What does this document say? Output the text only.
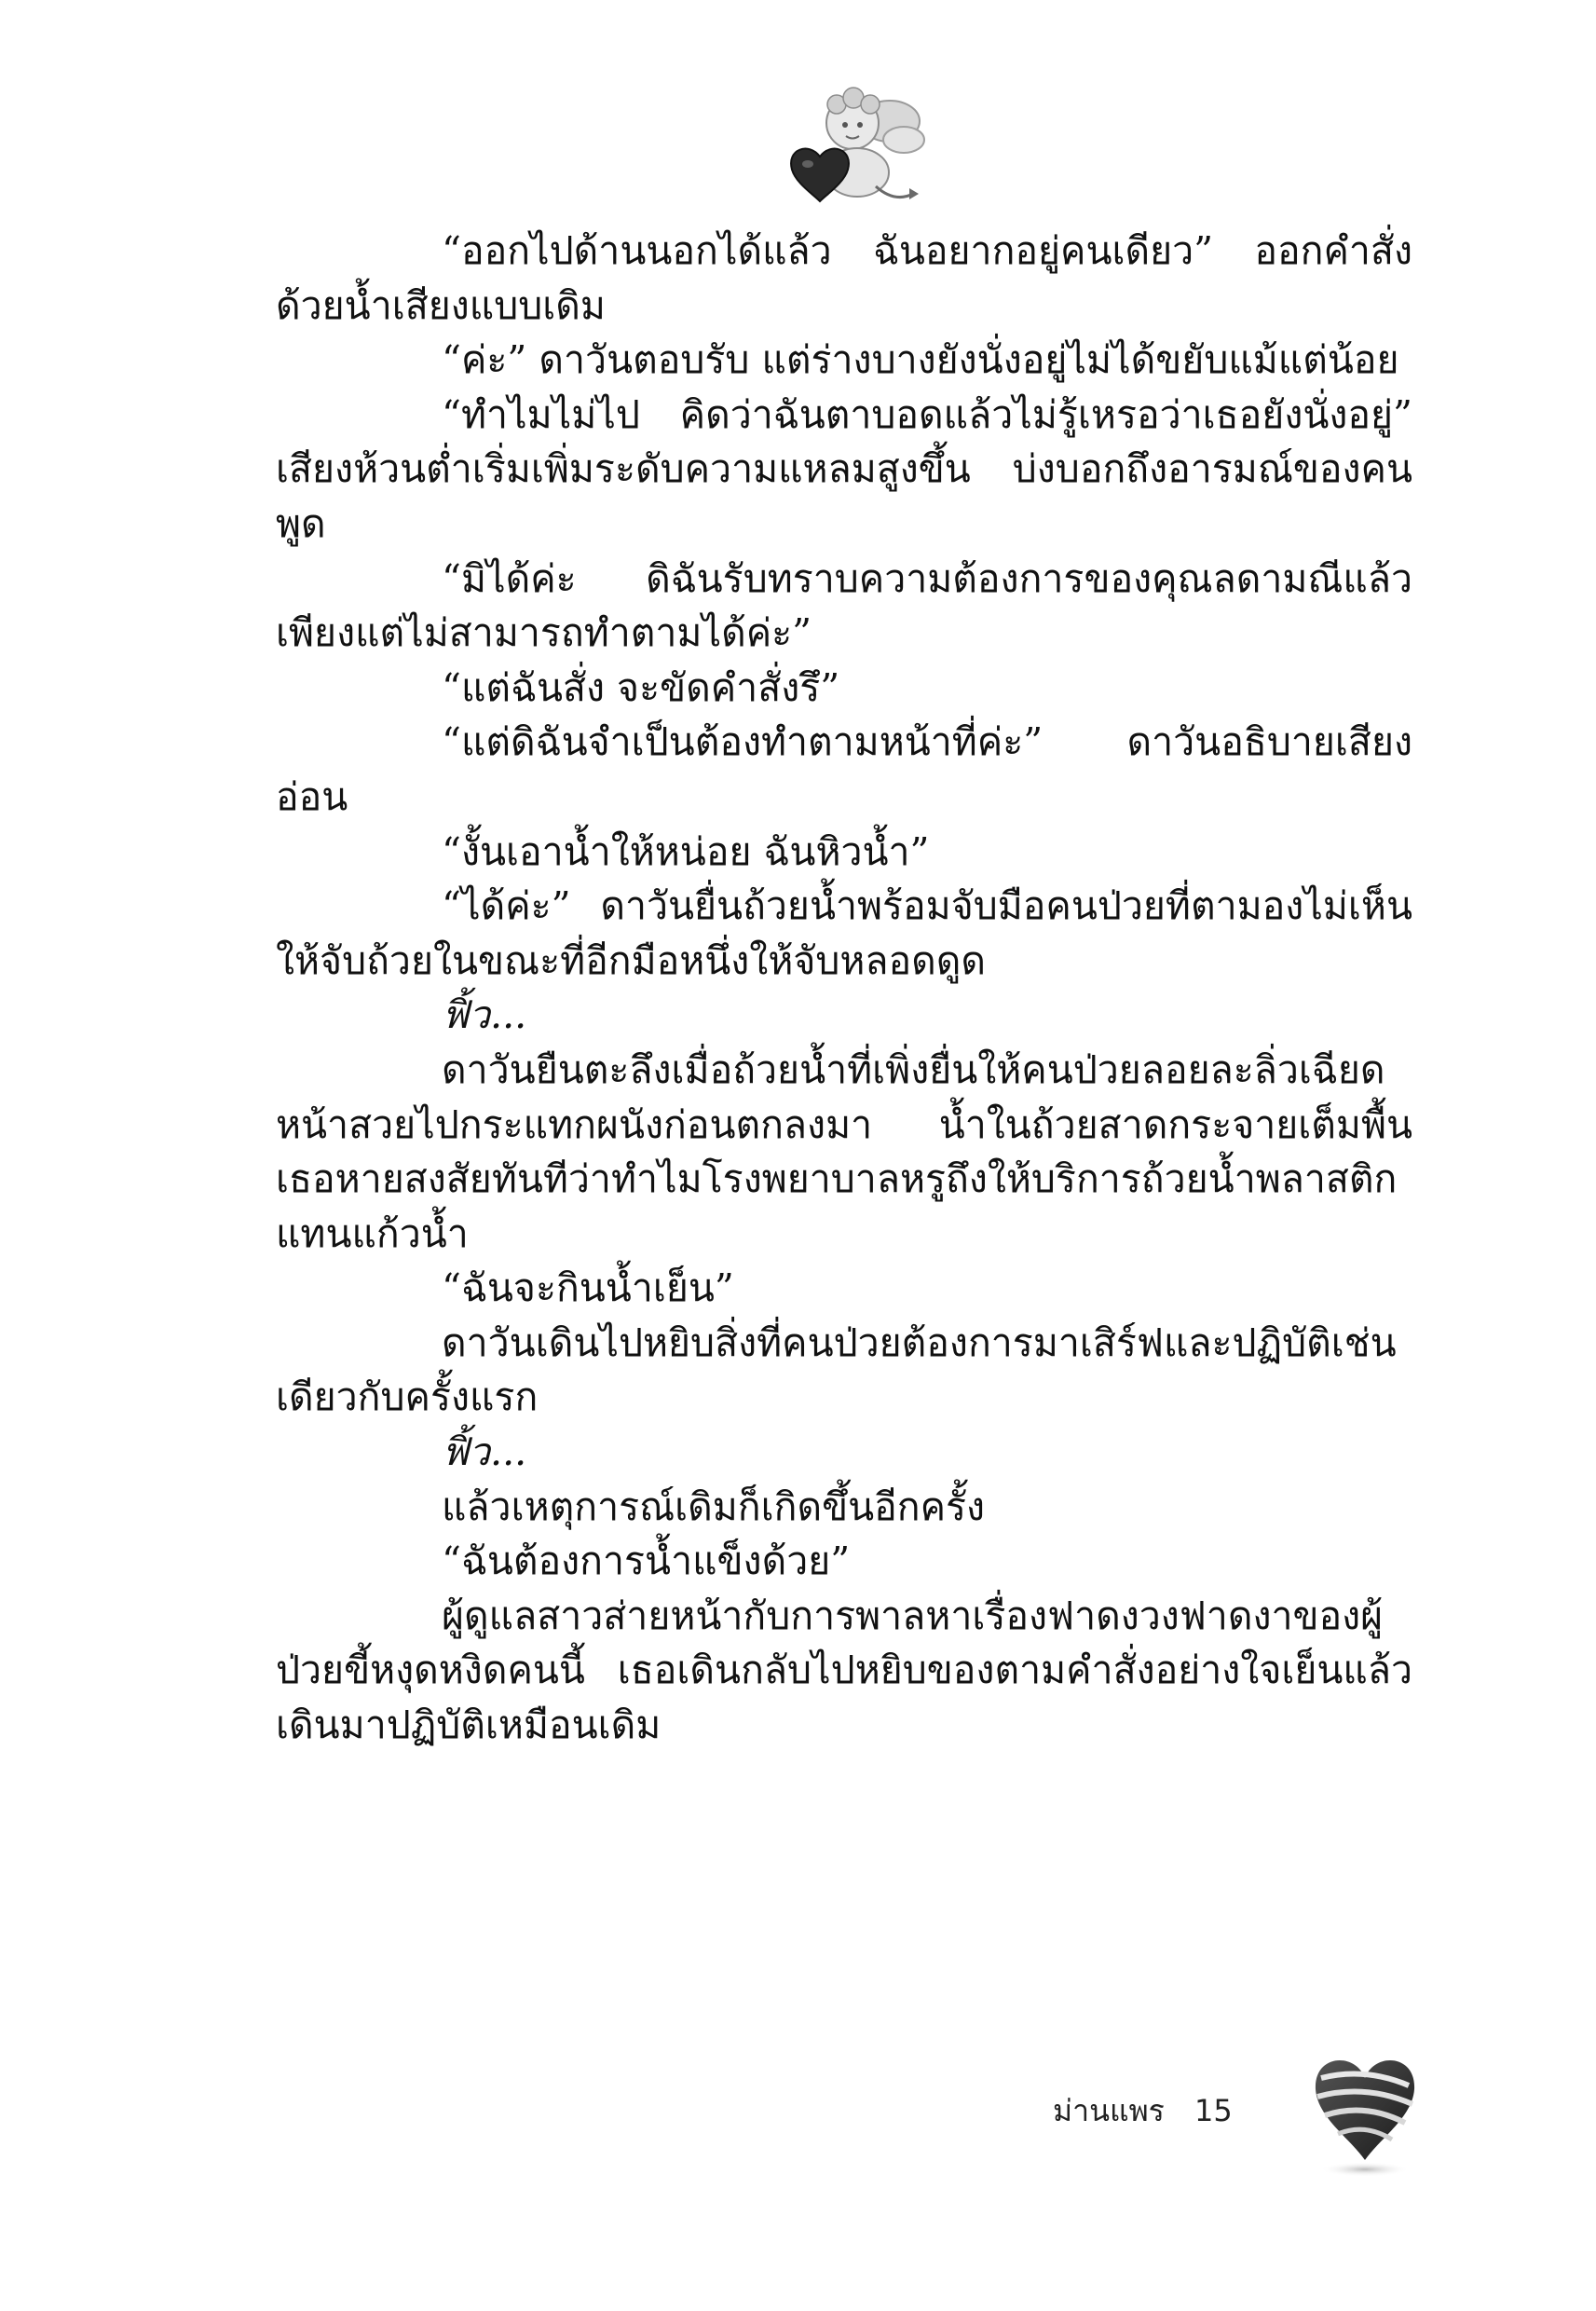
“ออกไปด้านนอกได้แล้ว ฉันอยากอยู่คนเดียว” ออกคำสั่งด้วยน้ำเสียงแบบเดิม

“ค่ะ” ดาวันตอบรับ แต่ร่างบางยังนั่งอยู่ไม่ได้ขยับแม้แต่น้อย

“ทำไมไม่ไป คิดว่าฉันตาบอดแล้วไม่รู้เหรอว่าเธอยังนั่งอยู่” เสียงห้วนต่ำเริ่มเพิ่มระดับความแหลมสูงขึ้น บ่งบอกถึงอารมณ์ของคนพูด

“มิได้ค่ะ ดิฉันรับทราบความต้องการของคุณลดามณีแล้ว เพียงแต่ไม่สามารถทำตามได้ค่ะ”

“แต่ฉันสั่ง จะขัดคำสั่งรึ”

“แต่ดิฉันจำเป็นต้องทำตามหน้าที่ค่ะ” ดาวันอธิบายเสียงอ่อน

“งั้นเอาน้ำให้หน่อย ฉันหิวน้ำ”

“ได้ค่ะ” ดาวันยื่นถ้วยน้ำพร้อมจับมือคนป่วยที่ตามองไม่เห็นให้จับถ้วยในขณะที่อีกมือหนึ่งให้จับหลอดดูด

ฟิ้ว...

ดาวันยืนตะลึงเมื่อถ้วยน้ำที่เพิ่งยื่นให้คนป่วยลอยละลิ่วเฉียดหน้าสวยไปกระแทกผนังก่อนตกลงมา น้ำในถ้วยสาดกระจายเต็มพื้น เธอหายสงสัยทันทีว่าทำไมโรงพยาบาลหรูถึงให้บริการถ้วยน้ำพลาสติกแทนแก้วน้ำ

“ฉันจะกินน้ำเย็น”

ดาวันเดินไปหยิบสิ่งที่คนป่วยต้องการมาเสิร์ฟและปฏิบัติเช่นเดียวกับครั้งแรก

ฟิ้ว...

แล้วเหตุการณ์เดิมก็เกิดขึ้นอีกครั้ง

“ฉันต้องการน้ำแข็งด้วย”

ผู้ดูแลสาวส่ายหน้ากับการพาลหาเรื่องฟาดงวงฟาดงาของผู้ป่วยขี้หงุดหงิดคนนี้ เธอเดินกลับไปหยิบของตามคำสั่งอย่างใจเย็นแล้วเดินมาปฏิบัติเหมือนเดิม

ม่านแพร 15
